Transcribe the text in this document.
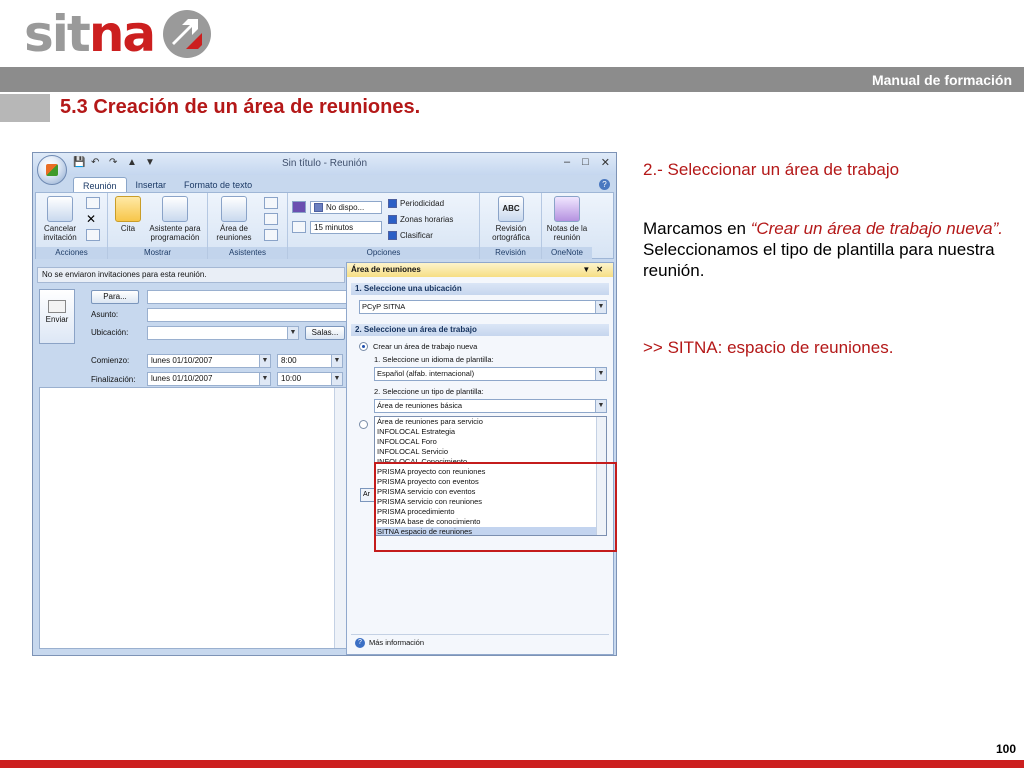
sitna
Manual de formación
5.3 Creación de un área de reuniones.
Sin título - Reunión
💾 ↶ ↷ ▲ ▼	– □ ✕
Reunión	Insertar	Formato de texto	?
Cancelar invitación
✕
Acciones
Cita	Asistente para programación
Mostrar
Área de reuniones
Asistentes
No dispo...
15 minutos
Periodicidad
Zonas horarias
Clasificar
Opciones
ABC
Revisión ortográfica
Revisión
Notas de la reunión
OneNote
No se enviaron invitaciones para esta reunión.
Enviar
Para...
Asunto:
Ubicación:	▼	Salas...
Comienzo:	lunes 01/10/2007	▼	8:00	▼
Finalización:	lunes 01/10/2007	▼	10:00	▼
Área de reuniones	▼✕
1. Seleccione una ubicación
PCyP SITNA	▼
2. Seleccione un área de trabajo
Crear un área de trabajo nueva
1. Seleccione un idioma de plantilla:
Español (alfab. internacional)	▼
2. Seleccione un tipo de plantilla:
Área de reuniones básica	▼
Ar
Área de reuniones para servicio
INFOLOCAL Estrategia
INFOLOCAL Foro
INFOLOCAL Servicio
INFOLOCAL Conocimiento
PRISMA proyecto con reuniones
PRISMA proyecto con eventos
PRISMA servicio con eventos
PRISMA servicio con reuniones
PRISMA procedimiento
PRISMA base de conocimiento
SITNA espacio de reuniones
? Más información
2.- Seleccionar un área de trabajo
Marcamos en “Crear un área de trabajo nueva”.
Seleccionamos el tipo de plantilla para nuestra reunión.
>> SITNA: espacio de reuniones.
100
